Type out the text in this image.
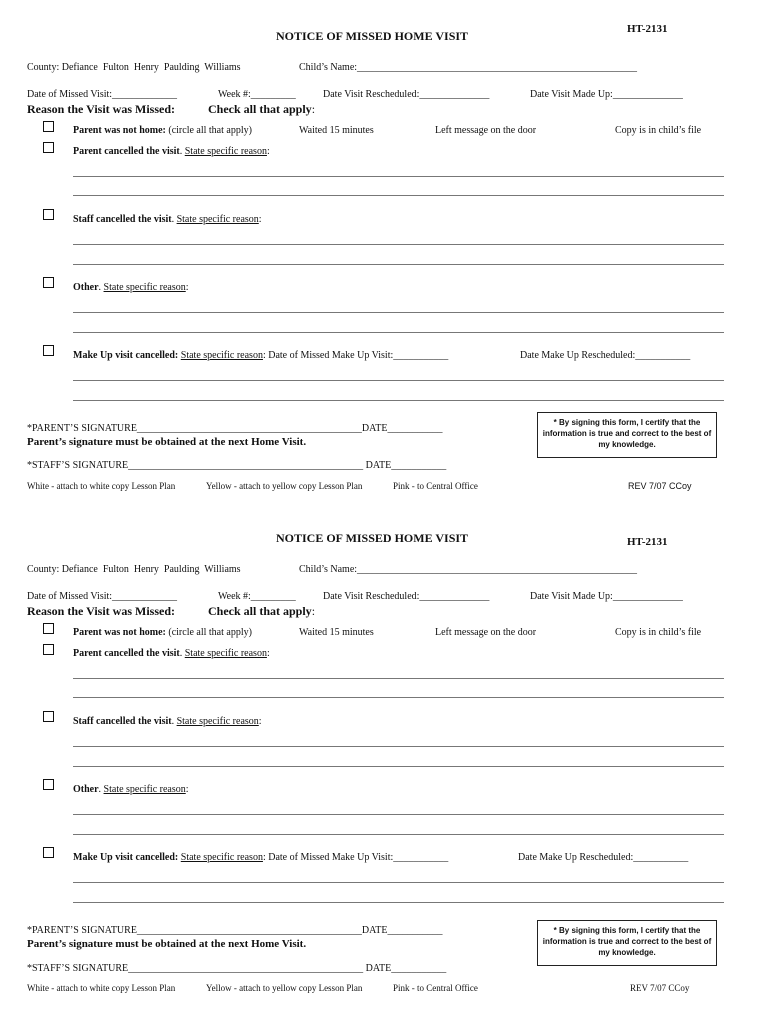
NOTICE OF MISSED HOME VISIT	HT-2131
County: Defiance  Fulton  Henry  Paulding  Williams	Child’s Name:________________________________________________________
Date of Missed Visit:_____________	Week #:_________	Date Visit Rescheduled:______________	Date Visit Made Up:______________
Reason the Visit was Missed:	Check all that apply:
Parent was not home: (circle all that apply)	Waited 15 minutes	Left message on the door	Copy is in child’s file
Parent cancelled the visit. State specific reason:
Staff cancelled the visit. State specific reason:
Other. State specific reason:
Make Up visit cancelled: State specific reason: Date of Missed Make Up Visit:___________	Date Make Up Rescheduled:___________
*PARENT’S SIGNATURE_____________________________________________DATE___________
Parent’s signature must be obtained at the next Home Visit.
*STAFF’S SIGNATURE_______________________________________________ DATE___________
* By signing this form, I certify that the information is true and correct to the best of my knowledge.
White - attach to white copy Lesson Plan	Yellow - attach to yellow copy Lesson Plan	Pink - to Central Office	REV 7/07 CCoy
NOTICE OF MISSED HOME VISIT	HT-2131
County: Defiance  Fulton  Henry  Paulding  Williams	Child’s Name:________________________________________________________
Date of Missed Visit:_____________	Week #:_________	Date Visit Rescheduled:______________	Date Visit Made Up:______________
Reason the Visit was Missed:	Check all that apply:
Parent was not home: (circle all that apply)	Waited 15 minutes	Left message on the door	Copy is in child’s file
Parent cancelled the visit. State specific reason:
Staff cancelled the visit. State specific reason:
Other. State specific reason:
Make Up visit cancelled: State specific reason: Date of Missed Make Up Visit:___________	Date Make Up Rescheduled:___________
*PARENT’S SIGNATURE_____________________________________________DATE___________
Parent’s signature must be obtained at the next Home Visit.
*STAFF’S SIGNATURE_______________________________________________ DATE___________
* By signing this form, I certify that the information is true and correct to the best of my knowledge.
White - attach to white copy Lesson Plan	Yellow - attach to yellow copy Lesson Plan	Pink - to Central Office	REV 7/07 CCoy
